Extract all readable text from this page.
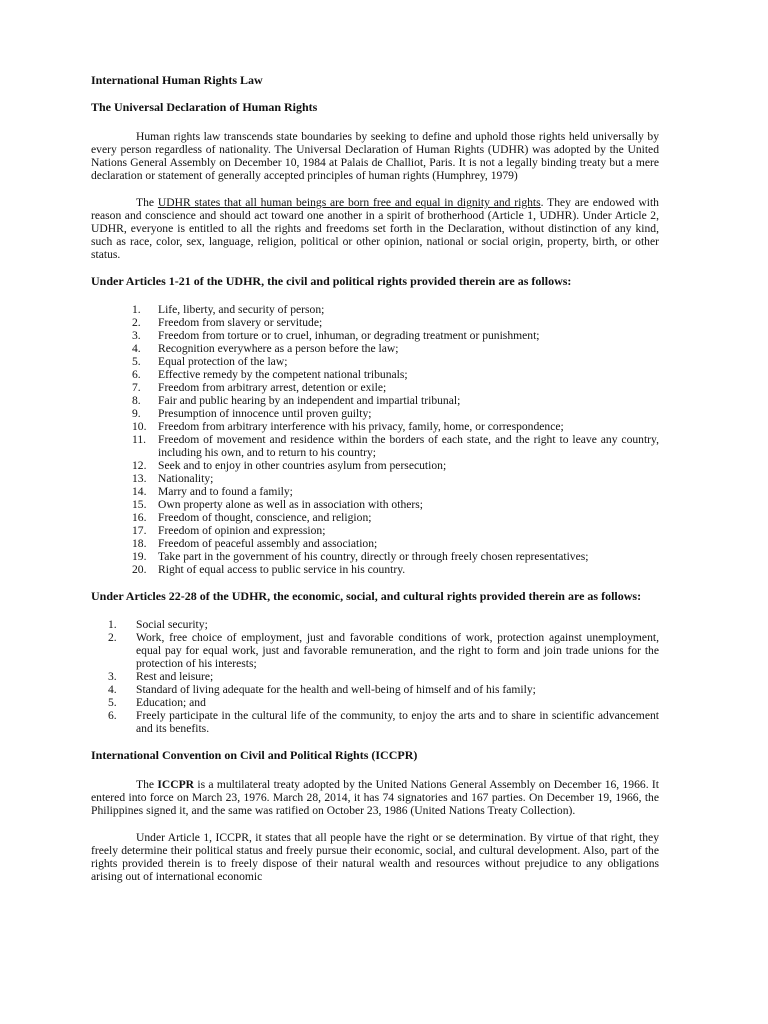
International Human Rights Law
The Universal Declaration of Human Rights

Human rights law transcends state boundaries by seeking to define and uphold those rights held universally by every person regardless of nationality. The Universal Declaration of Human Rights (UDHR) was adopted by the United Nations General Assembly on December 10, 1984 at Palais de Challiot, Paris. It is not a legally binding treaty but a mere declaration or statement of generally accepted principles of human rights (Humphrey, 1979)

The UDHR states that all human beings are born free and equal in dignity and rights. They are endowed with reason and conscience and should act toward one another in a spirit of brotherhood (Article 1, UDHR). Under Article 2, UDHR, everyone is entitled to all the rights and freedoms set forth in the Declaration, without distinction of any kind, such as race, color, sex, language, religion, political or other opinion, national or social origin, property, birth, or other status.

Under Articles 1-21 of the UDHR, the civil and political rights provided therein are as follows:
1.	Life, liberty, and security of person;
2.	Freedom from slavery or servitude;
3.	Freedom from torture or to cruel, inhuman, or degrading treatment or punishment;
4.	Recognition everywhere as a person before the law;
5.	Equal protection of the law;
6.	Effective remedy by the competent national tribunals;
7.	Freedom from arbitrary arrest, detention or exile;
8.	Fair and public hearing by an independent and impartial tribunal;
9.	Presumption of innocence until proven guilty;
10. Freedom from arbitrary interference with his privacy, family, home, or correspondence;
11.	Freedom of movement and residence within the borders of each state, and the right to leave any country, including his own, and to return to his country;
12. Seek and to enjoy in other countries asylum from persecution;
13. Nationality;
14. Marry and to found a family;
15. Own property alone as well as in association with others;
16. Freedom of thought, conscience, and religion;
17. Freedom of opinion and expression;
18. Freedom of peaceful assembly and association;
19. Take part in the government of his country, directly or through freely chosen representatives;
20. Right of equal access to public service in his country.
Under Articles 22-28 of the UDHR, the economic, social, and cultural rights provided therein are as follows:
1.	Social security;
2.	Work, free choice of employment, just and favorable conditions of work, protection against unemployment, equal pay for equal work, just and favorable remuneration, and the right to form and join trade unions for the protection of his interests;
3.	Rest and leisure;
4.	Standard of living adequate for the health and well-being of himself and of his family;
5.	Education; and
6.	Freely participate in the cultural life of the community, to enjoy the arts and to share in scientific advancement and its benefits.
International Convention on Civil and Political Rights (ICCPR)

The ICCPR is a multilateral treaty adopted by the United Nations General Assembly on December 16, 1966. It entered into force on March 23, 1976. March 28, 2014, it has 74 signatories and 167 parties. On December 19, 1966, the Philippines signed it, and the same was ratified on October 23, 1986 (United Nations Treaty Collection).

Under Article 1, ICCPR, it states that all people have the right or se determination. By virtue of that right, they freely determine their political status and freely pursue their economic, social, and cultural development. Also, part of the rights provided therein is to freely dispose of their natural wealth and resources without prejudice to any obligations arising out of international economic
